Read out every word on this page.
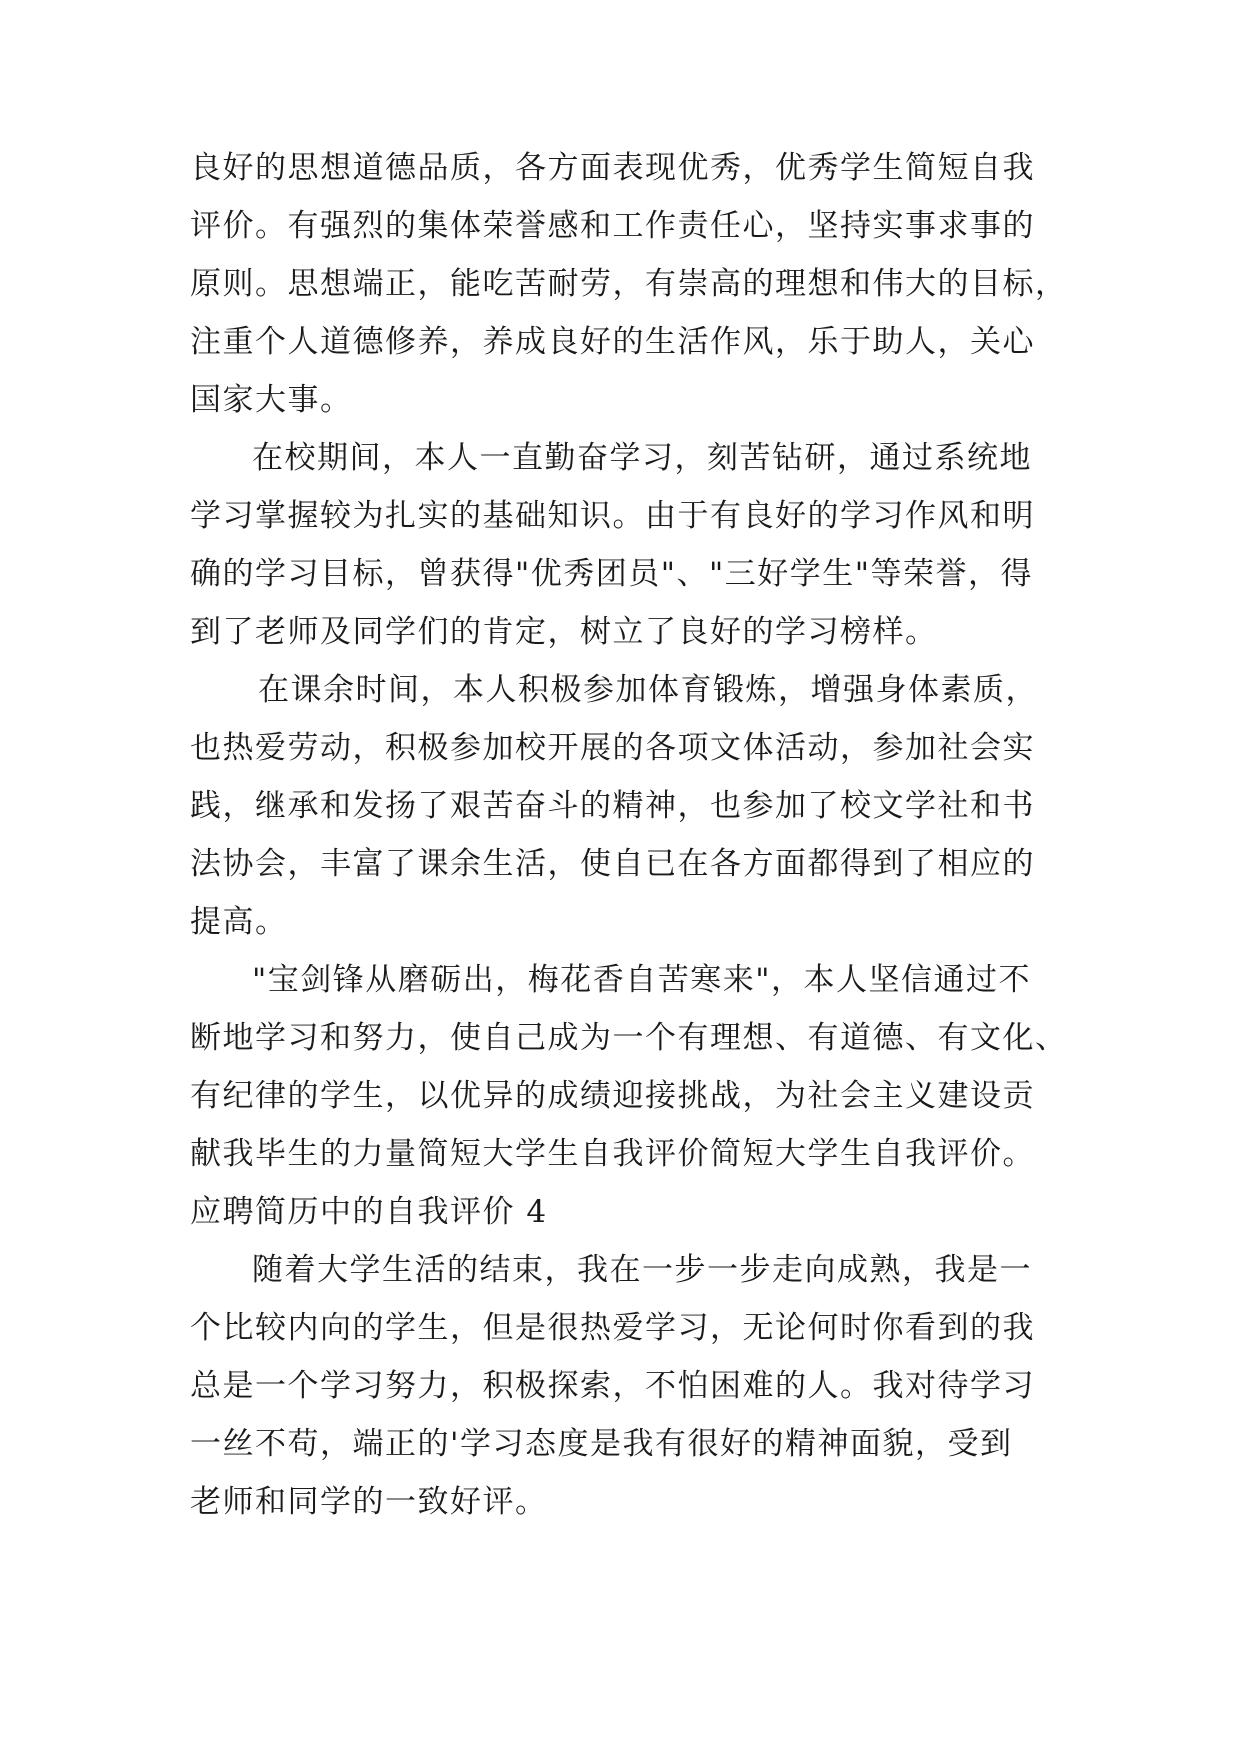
良好的思想道德品质，各方面表现优秀，优秀学生简短自我

评价。有强烈的集体荣誉感和工作责任心，坚持实事求事的

原则。思想端正，能吃苦耐劳，有崇高的理想和伟大的目标，

注重个人道德修养，养成良好的生活作风，乐于助人，关心

国家大事。

在校期间，本人一直勤奋学习，刻苦钻研，通过系统地

学习掌握较为扎实的基础知识。由于有良好的学习作风和明

确的学习目标，曾获得"优秀团员"、"三好学生"等荣誉，得

到了老师及同学们的肯定，树立了良好的学习榜样。

在课余时间，本人积极参加体育锻炼，增强身体素质，

也热爱劳动，积极参加校开展的各项文体活动，参加社会实

践，继承和发扬了艰苦奋斗的精神，也参加了校文学社和书

法协会，丰富了课余生活，使自已在各方面都得到了相应的

提高。

"宝剑锋从磨砺出，梅花香自苦寒来"，本人坚信通过不

断地学习和努力，使自己成为一个有理想、有道德、有文化、

有纪律的学生，以优异的成绩迎接挑战，为社会主义建设贡

献我毕生的力量简短大学生自我评价简短大学生自我评价。

应聘简历中的自我评价 4

随着大学生活的结束，我在一步一步走向成熟，我是一

个比较内向的学生，但是很热爱学习，无论何时你看到的我

总是一个学习努力，积极探索，不怕困难的人。我对待学习

一丝不苟，端正的'学习态度是我有很好的精神面貌，受到

老师和同学的一致好评。
